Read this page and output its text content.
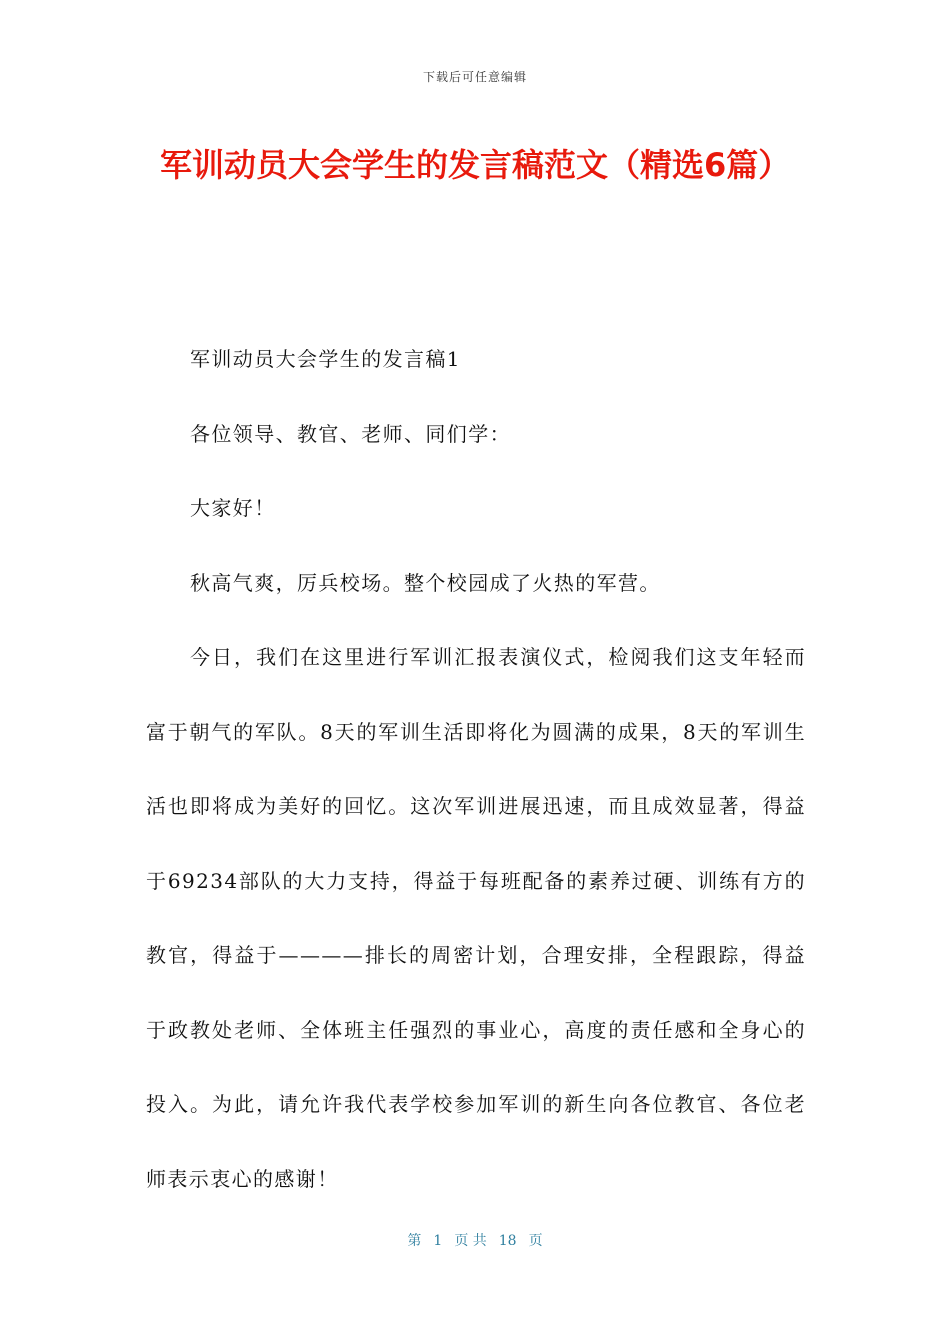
下载后可任意编辑
军训动员大会学生的发言稿范文（精选6篇）

军训动员大会学生的发言稿1

各位领导、教官、老师、同们学：

大家好！

秋高气爽，厉兵校场。整个校园成了火热的军营。

今日，我们在这里进行军训汇报表演仪式，检阅我们这支年轻而富于朝气的军队。8天的军训生活即将化为圆满的成果，8天的军训生活也即将成为美好的回忆。这次军训进展迅速，而且成效显著，得益于69234部队的大力支持，得益于每班配备的素养过硬、训练有方的教官，得益于————排长的周密计划，合理安排，全程跟踪，得益于政教处老师、全体班主任强烈的事业心，高度的责任感和全身心的投入。为此，请允许我代表学校参加军训的新生向各位教官、各位老师表示衷心的感谢！

第 1 页 共 18 页
